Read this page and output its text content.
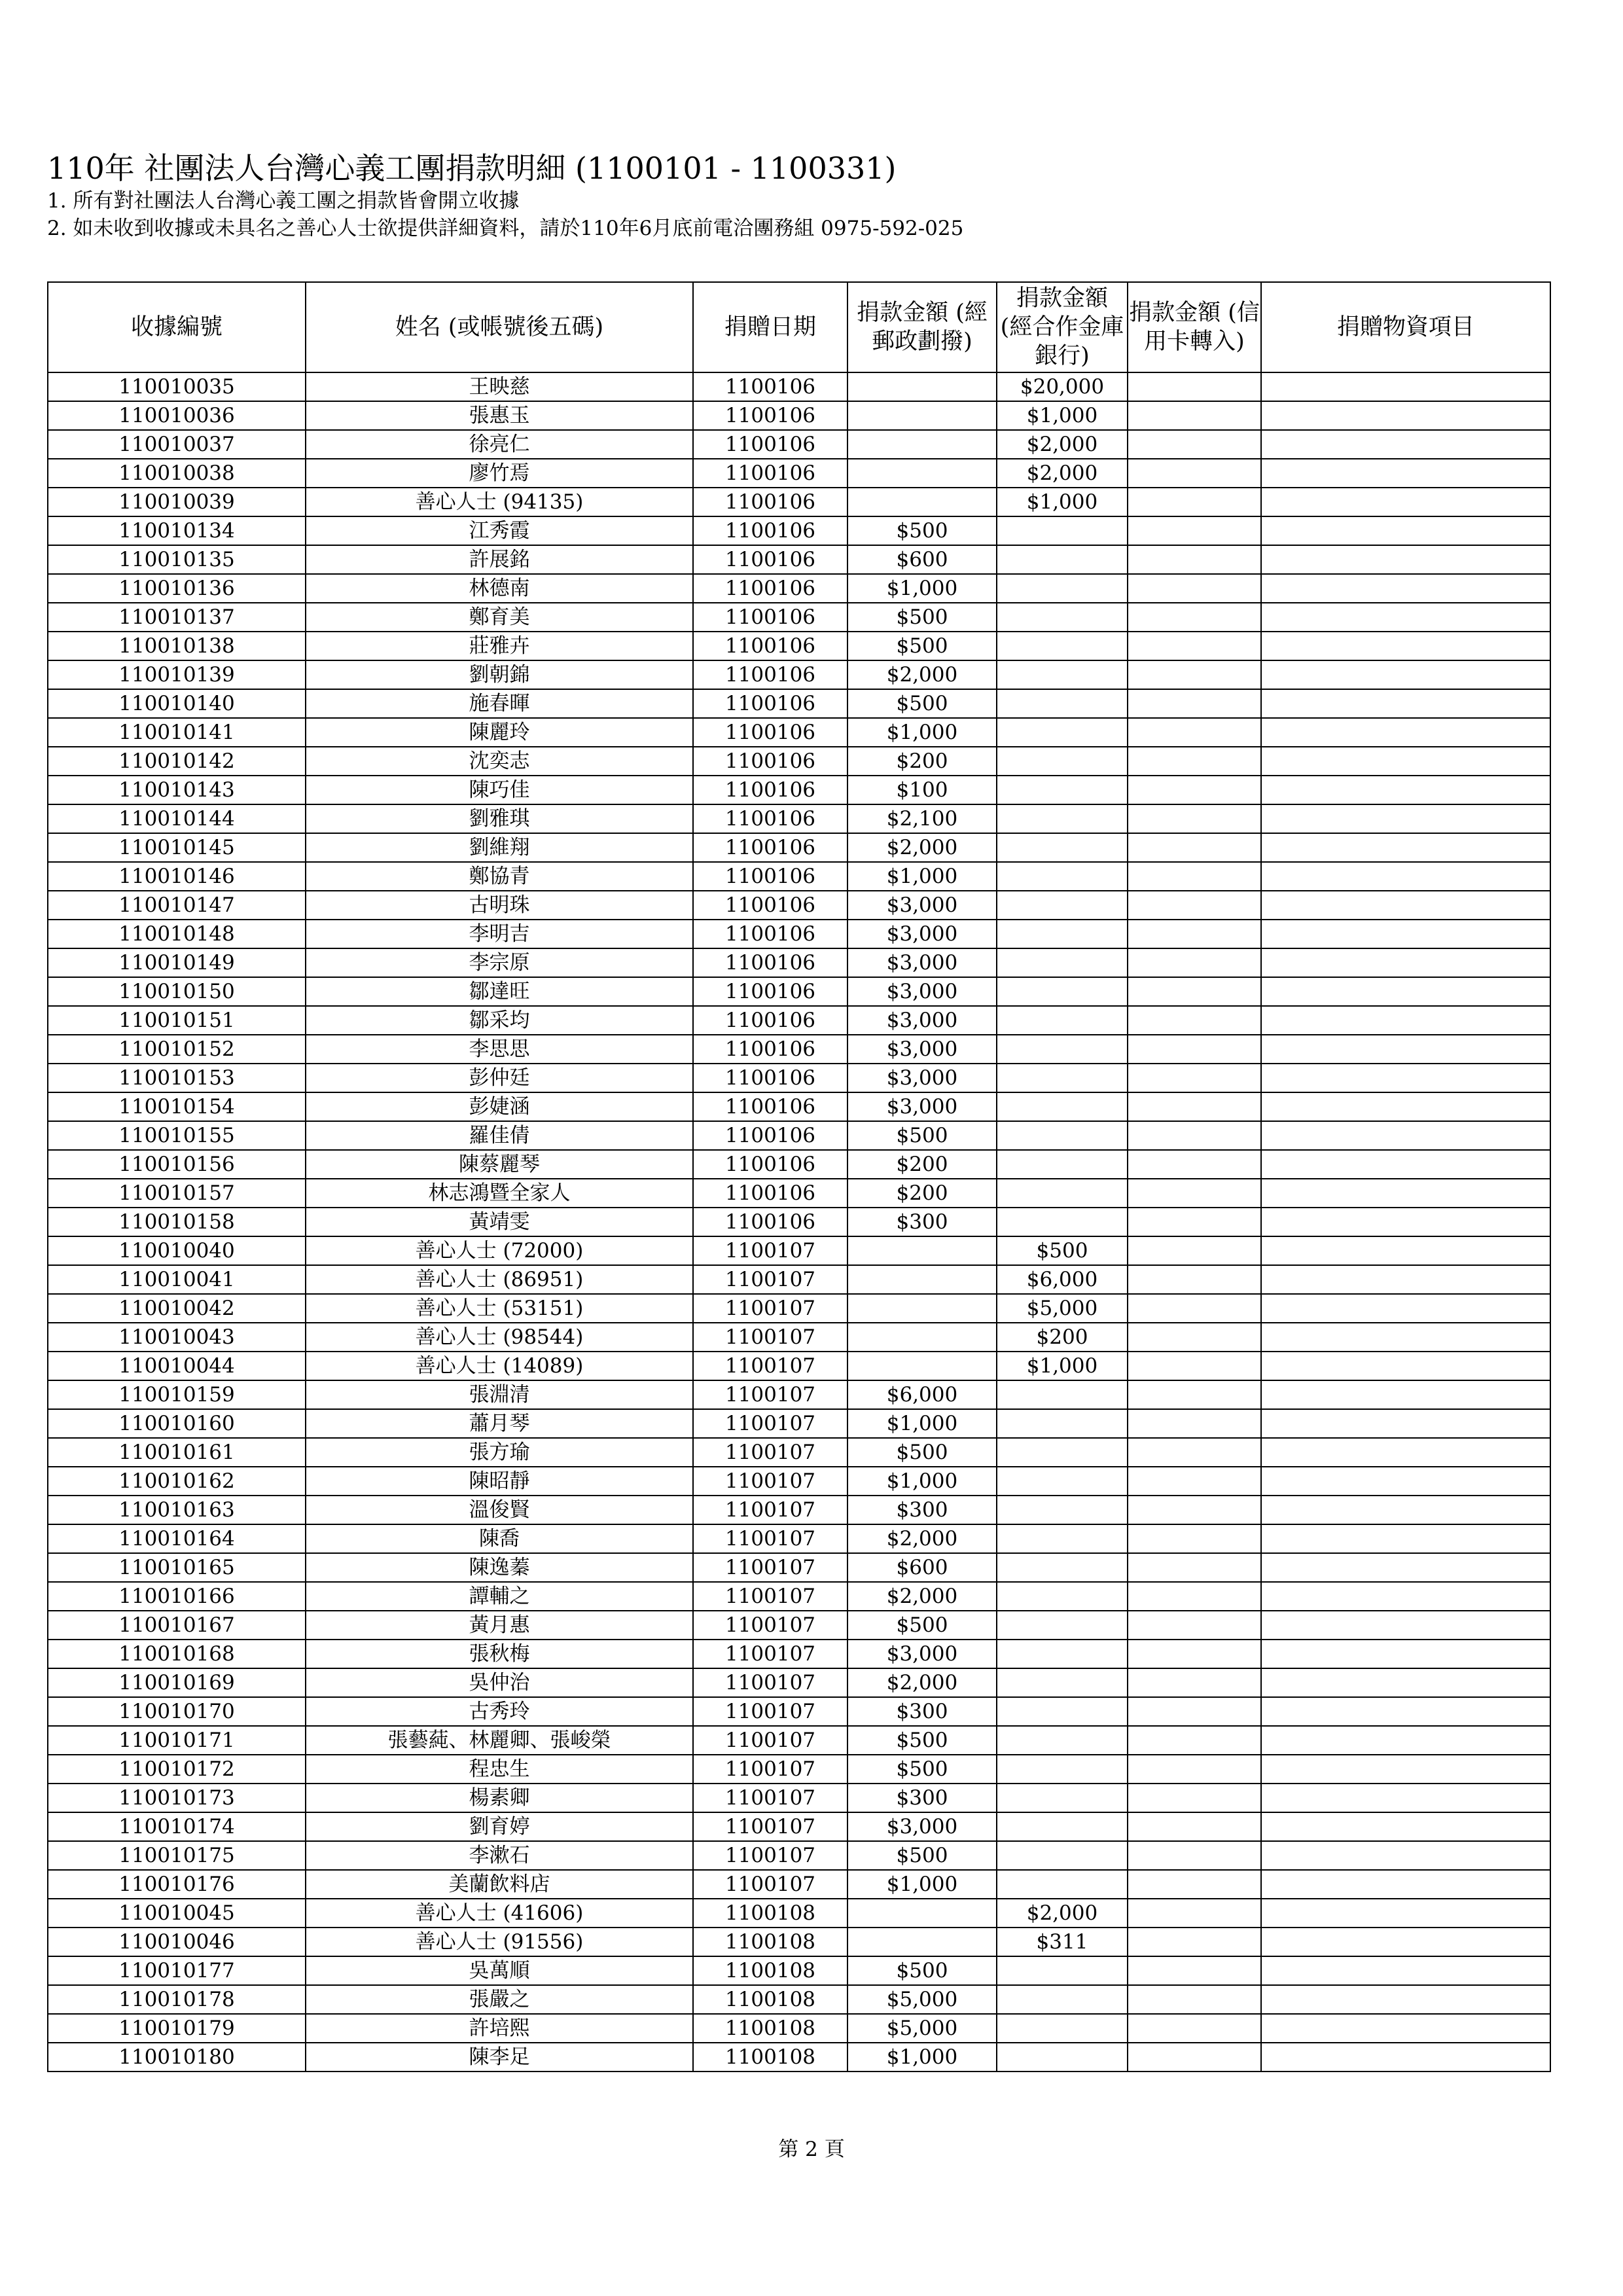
110年 社團法人台灣心義工團捐款明細 (1100101 - 1100331)
1. 所有對社團法人台灣心義工團之捐款皆會開立收據
2. 如未收到收據或未具名之善心人士欲提供詳細資料，請於110年6月底前電洽團務組 0975-592-025
收據編號	姓名 (或帳號後五碼)	捐贈日期	捐款金額 (經郵政劃撥)	捐款金額 (經合作金庫銀行)	捐款金額 (信用卡轉入)	捐贈物資項目
110010035	王映慈	1100106		$20,000		
110010036	張惠玉	1100106		$1,000		
110010037	徐亮仁	1100106		$2,000		
110010038	廖竹焉	1100106		$2,000		
110010039	善心人士 (94135)	1100106		$1,000		
110010134	江秀霞	1100106	$500			
110010135	許展銘	1100106	$600			
110010136	林德南	1100106	$1,000			
110010137	鄭育美	1100106	$500			
110010138	莊雅卉	1100106	$500			
110010139	劉朝錦	1100106	$2,000			
110010140	施春暉	1100106	$500			
110010141	陳麗玲	1100106	$1,000			
110010142	沈奕志	1100106	$200			
110010143	陳巧佳	1100106	$100			
110010144	劉雅琪	1100106	$2,100			
110010145	劉維翔	1100106	$2,000			
110010146	鄭協青	1100106	$1,000			
110010147	古明珠	1100106	$3,000			
110010148	李明吉	1100106	$3,000			
110010149	李宗原	1100106	$3,000			
110010150	鄒達旺	1100106	$3,000			
110010151	鄒采均	1100106	$3,000			
110010152	李思思	1100106	$3,000			
110010153	彭仲廷	1100106	$3,000			
110010154	彭婕涵	1100106	$3,000			
110010155	羅佳倩	1100106	$500			
110010156	陳蔡麗琴	1100106	$200			
110010157	林志鴻暨全家人	1100106	$200			
110010158	黃靖雯	1100106	$300			
110010040	善心人士 (72000)	1100107		$500		
110010041	善心人士 (86951)	1100107		$6,000		
110010042	善心人士 (53151)	1100107		$5,000		
110010043	善心人士 (98544)	1100107		$200		
110010044	善心人士 (14089)	1100107		$1,000		
110010159	張淵清	1100107	$6,000			
110010160	蕭月琴	1100107	$1,000			
110010161	張方瑜	1100107	$500			
110010162	陳昭靜	1100107	$1,000			
110010163	溫俊賢	1100107	$300			
110010164	陳喬	1100107	$2,000			
110010165	陳逸蓁	1100107	$600			
110010166	譚輔之	1100107	$2,000			
110010167	黃月惠	1100107	$500			
110010168	張秋梅	1100107	$3,000			
110010169	吳仲治	1100107	$2,000			
110010170	古秀玲	1100107	$300			
110010171	張藝蒓、林麗卿、張峻榮	1100107	$500			
110010172	程忠生	1100107	$500			
110010173	楊素卿	1100107	$300			
110010174	劉育婷	1100107	$3,000			
110010175	李漱石	1100107	$500			
110010176	美蘭飲料店	1100107	$1,000			
110010045	善心人士 (41606)	1100108		$2,000		
110010046	善心人士 (91556)	1100108		$311		
110010177	吳萬順	1100108	$500			
110010178	張嚴之	1100108	$5,000			
110010179	許培熙	1100108	$5,000			
110010180	陳李足	1100108	$1,000			
第 2 頁
